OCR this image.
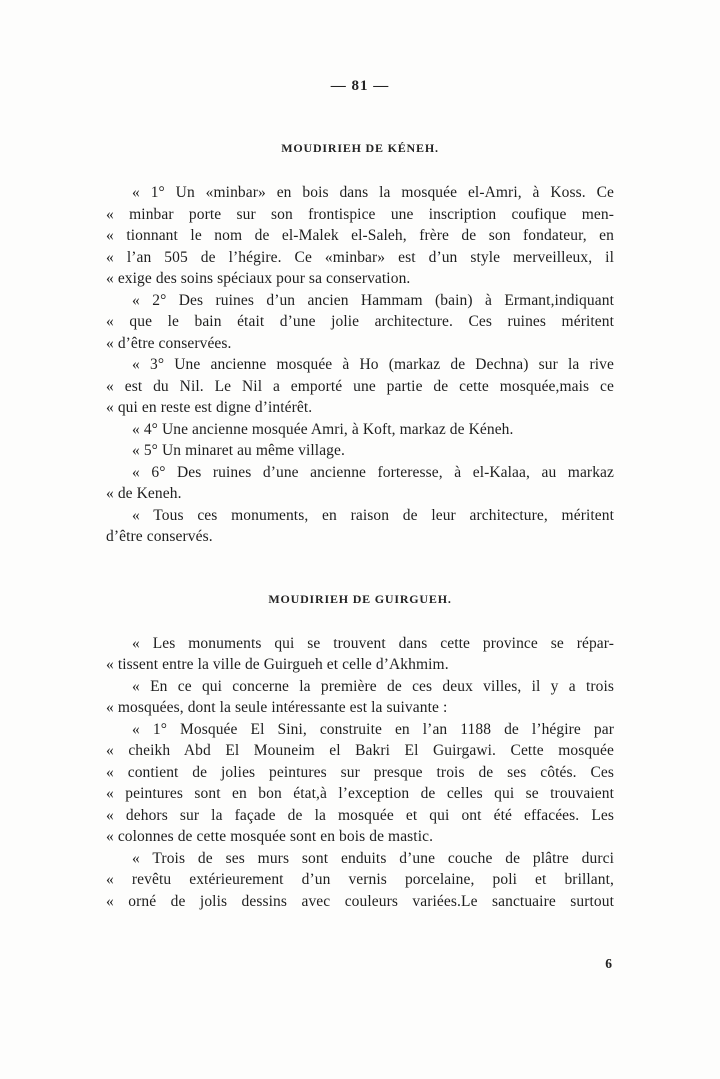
— 81 —
MOUDIRIEH DE KÉNEH.
« 1° Un «minbar» en bois dans la mosquée el-Amri, à Koss. Ce
« minbar porte sur son frontispice une inscription coufique men-
« tionnant le nom de el-Malek el-Saleh, frère de son fondateur, en
« l’an 505 de l’hégire. Ce «minbar» est d’un style merveilleux, il
« exige des soins spéciaux pour sa conservation.
« 2° Des ruines d’un ancien Hammam (bain) à Ermant,indiquant
« que le bain était d’une jolie architecture. Ces ruines méritent
« d’être conservées.
« 3° Une ancienne mosquée à Ho (markaz de Dechna) sur la rive
« est du Nil. Le Nil a emporté une partie de cette mosquée,mais ce
« qui en reste est digne d’intérêt.
« 4° Une ancienne mosquée Amri, à Koft, markaz de Kéneh.
« 5° Un minaret au même village.
« 6° Des ruines d’une ancienne forteresse, à el-Kalaa, au markaz
« de Keneh.
« Tous ces monuments, en raison de leur architecture, méritent
d’être conservés.
MOUDIRIEH DE GUIRGUEH.
« Les monuments qui se trouvent dans cette province se répar-
« tissent entre la ville de Guirgueh et celle d’Akhmim.
« En ce qui concerne la première de ces deux villes, il y a trois
« mosquées, dont la seule intéressante est la suivante :
« 1° Mosquée El Sini, construite en l’an 1188 de l’hégire par
« cheikh Abd El Mouneim el Bakri El Guirgawi. Cette mosquée
« contient de jolies peintures sur presque trois de ses côtés. Ces
« peintures sont en bon état,à l’exception de celles qui se trouvaient
« dehors sur la façade de la mosquée et qui ont été effacées. Les
« colonnes de cette mosquée sont en bois de mastic.
« Trois de ses murs sont enduits d’une couche de plâtre durci
« revêtu extérieurement d’un vernis porcelaine, poli et brillant,
« orné de jolis dessins avec couleurs variées.Le sanctuaire surtout
6
